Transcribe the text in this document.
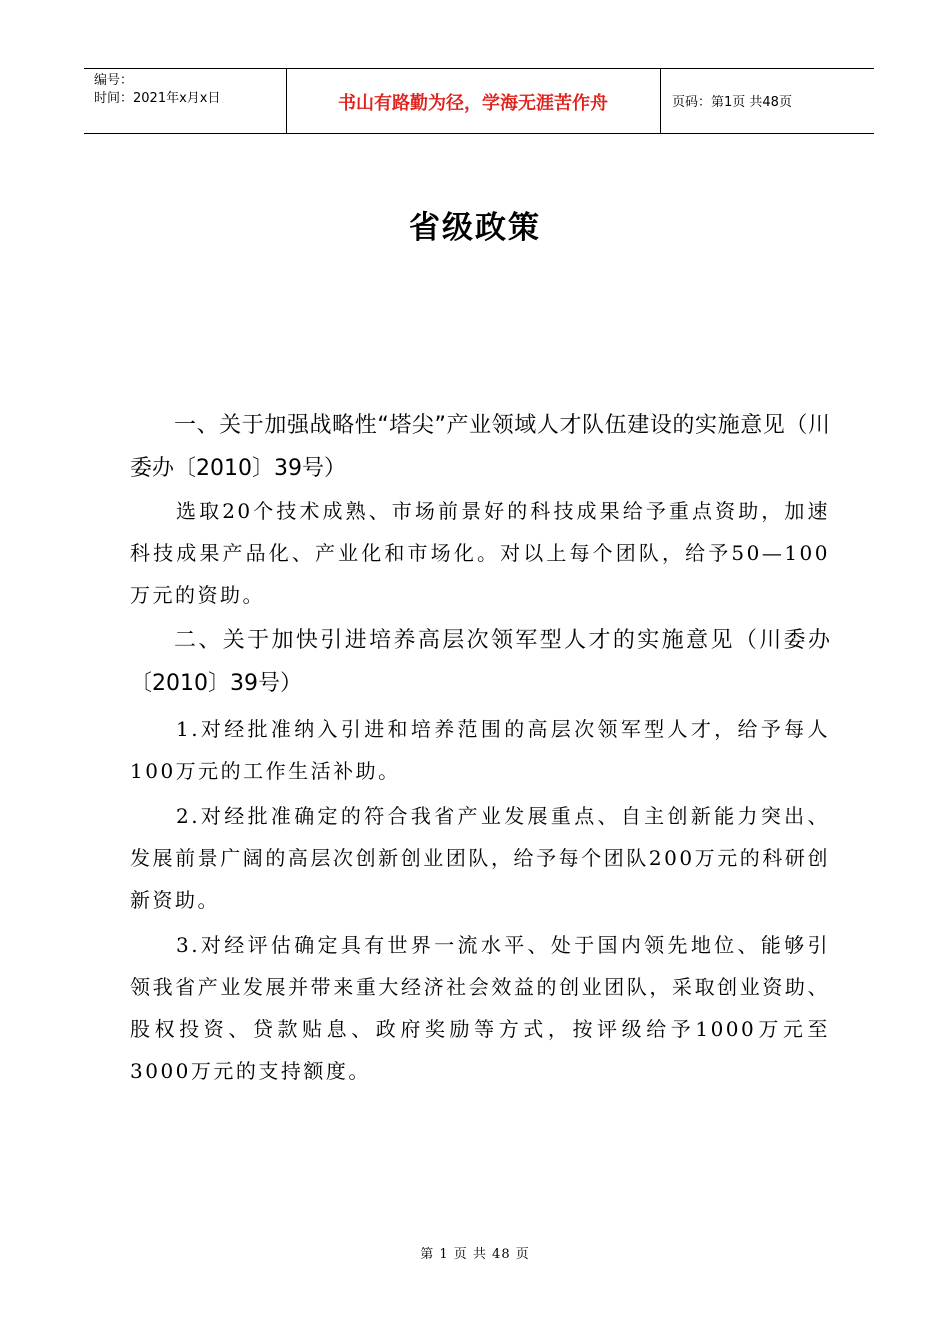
编号：
时间：2021年x月x日	书山有路勤为径，学海无涯苦作舟	页码：第1页 共48页
省级政策

一、关于加强战略性“塔尖”产业领域人才队伍建设的实施意见（川委办〔2010〕39号）

选取20个技术成熟、市场前景好的科技成果给予重点资助，加速科技成果产品化、产业化和市场化。对以上每个团队，给予50—100万元的资助。

二、关于加快引进培养高层次领军型人才的实施意见（川委办〔2010〕39号）

1.对经批准纳入引进和培养范围的高层次领军型人才，给予每人100万元的工作生活补助。

2.对经批准确定的符合我省产业发展重点、自主创新能力突出、发展前景广阔的高层次创新创业团队，给予每个团队200万元的科研创新资助。

3.对经评估确定具有世界一流水平、处于国内领先地位、能够引领我省产业发展并带来重大经济社会效益的创业团队，采取创业资助、股权投资、贷款贴息、政府奖励等方式，按评级给予1000万元至3000万元的支持额度。

第 1 页 共 48 页
